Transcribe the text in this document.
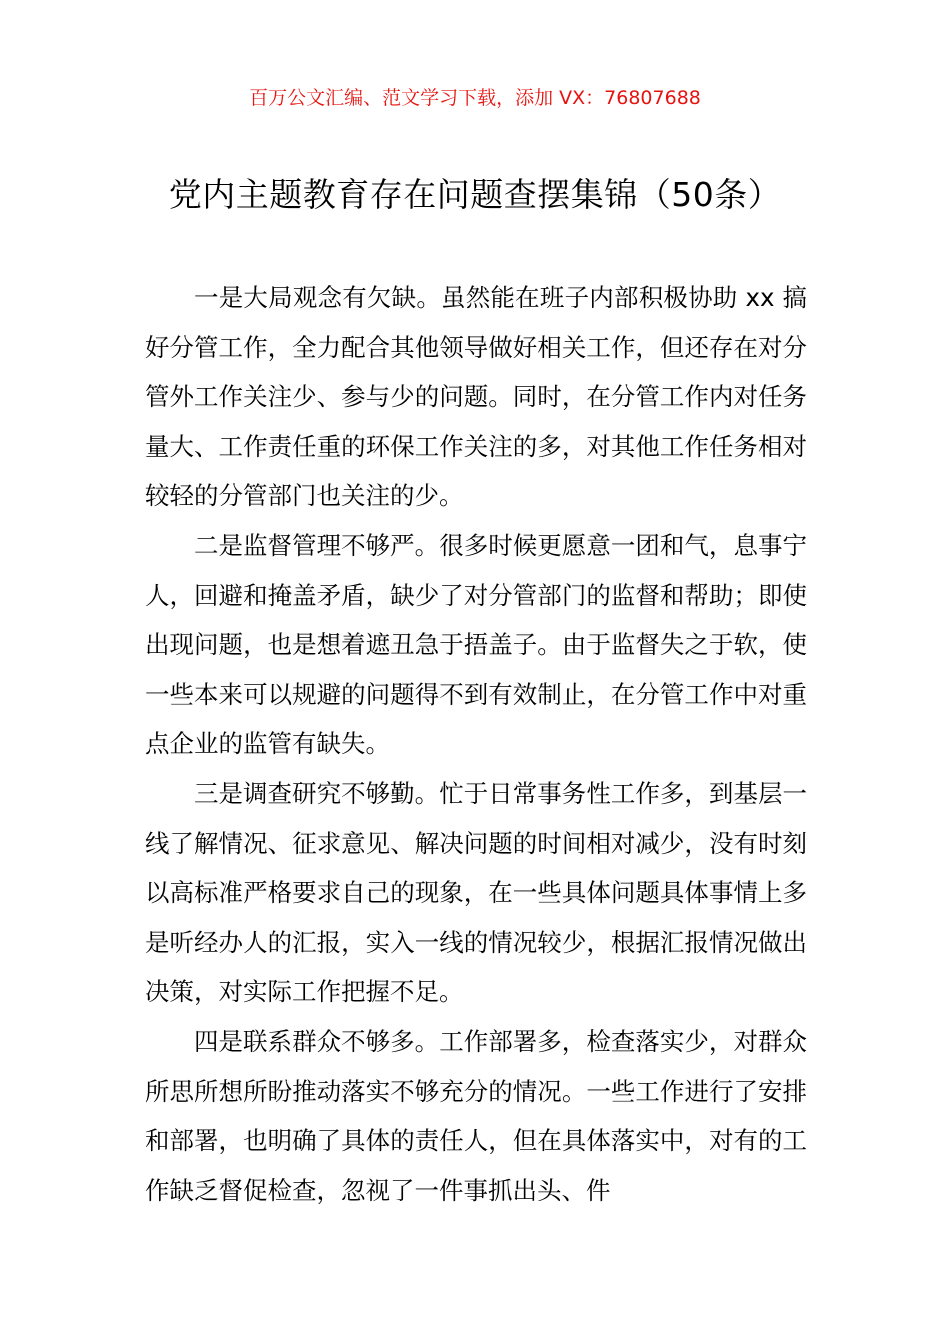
百万公文汇编、范文学习下载，添加 VX：76807688
党内主题教育存在问题查摆集锦（50条）

一是大局观念有欠缺。虽然能在班子内部积极协助 xx 搞好分管工作，全力配合其他领导做好相关工作，但还存在对分管外工作关注少、参与少的问题。同时，在分管工作内对任务量大、工作责任重的环保工作关注的多，对其他工作任务相对较轻的分管部门也关注的少。

二是监督管理不够严。很多时候更愿意一团和气，息事宁人，回避和掩盖矛盾，缺少了对分管部门的监督和帮助；即使出现问题，也是想着遮丑急于捂盖子。由于监督失之于软，使一些本来可以规避的问题得不到有效制止，在分管工作中对重点企业的监管有缺失。

三是调查研究不够勤。忙于日常事务性工作多，到基层一线了解情况、征求意见、解决问题的时间相对减少，没有时刻以高标准严格要求自己的现象，在一些具体问题具体事情上多是听经办人的汇报，实入一线的情况较少，根据汇报情况做出决策，对实际工作把握不足。

四是联系群众不够多。工作部署多，检查落实少，对群众所思所想所盼推动落实不够充分的情况。一些工作进行了安排和部署，也明确了具体的责任人，但在具体落实中，对有的工作缺乏督促检查，忽视了一件事抓出头、件
